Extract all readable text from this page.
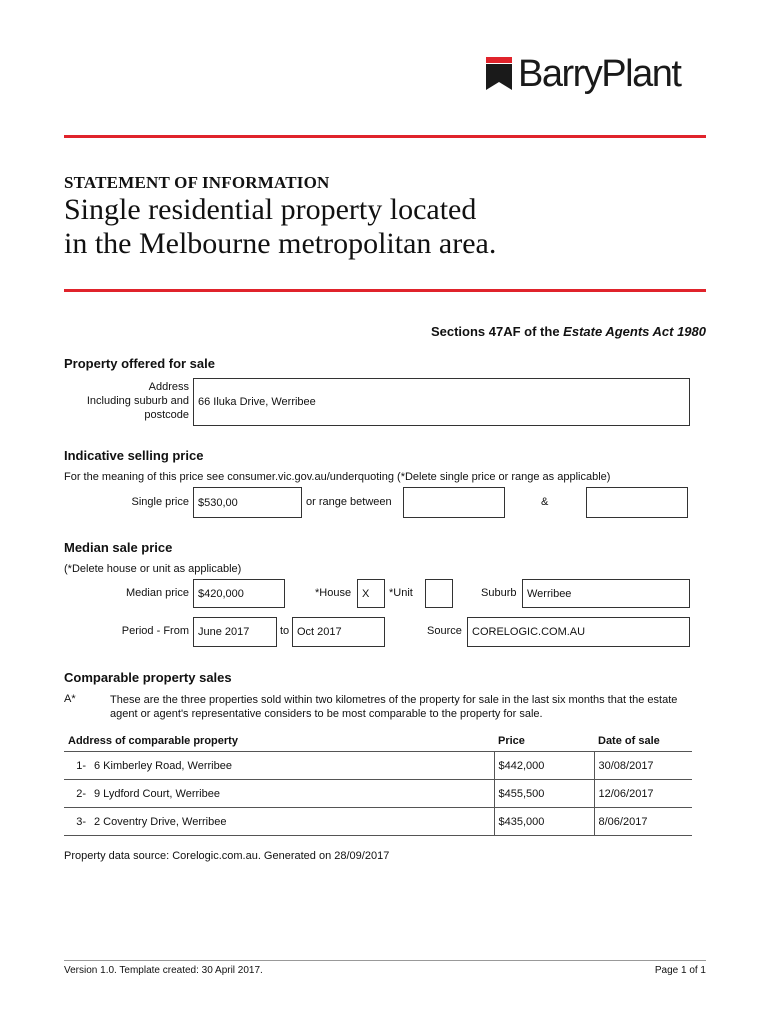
BarryPlant
STATEMENT OF INFORMATION
Single residential property located
in the Melbourne metropolitan area.
Sections 47AF of the Estate Agents Act 1980
Property offered for sale
Address
Including suburb and
postcode
66 Iluka Drive, Werribee
Indicative selling price
For the meaning of this price see consumer.vic.gov.au/underquoting (*Delete single price or range as applicable)
Single price $530,00	or range between	&
Median sale price
(*Delete house or unit as applicable)
Median price $420,000	*House X	*Unit	Suburb Werribee
Period - From June 2017	to Oct 2017	Source CORELOGIC.COM.AU
Comparable property sales
A*	These are the three properties sold within two kilometres of the property for sale in the last six months that the estate agent or agent's representative considers to be most comparable to the property for sale.
Address of comparable property		Price	Date of sale
1-	6 Kimberley Road, Werribee	$442,000	30/08/2017
2-	9 Lydford Court, Werribee	$455,500	12/06/2017
3-	2 Coventry Drive, Werribee	$435,000	8/06/2017
Property data source: Corelogic.com.au. Generated on 28/09/2017
Version 1.0. Template created: 30 April 2017.	Page 1 of 1
